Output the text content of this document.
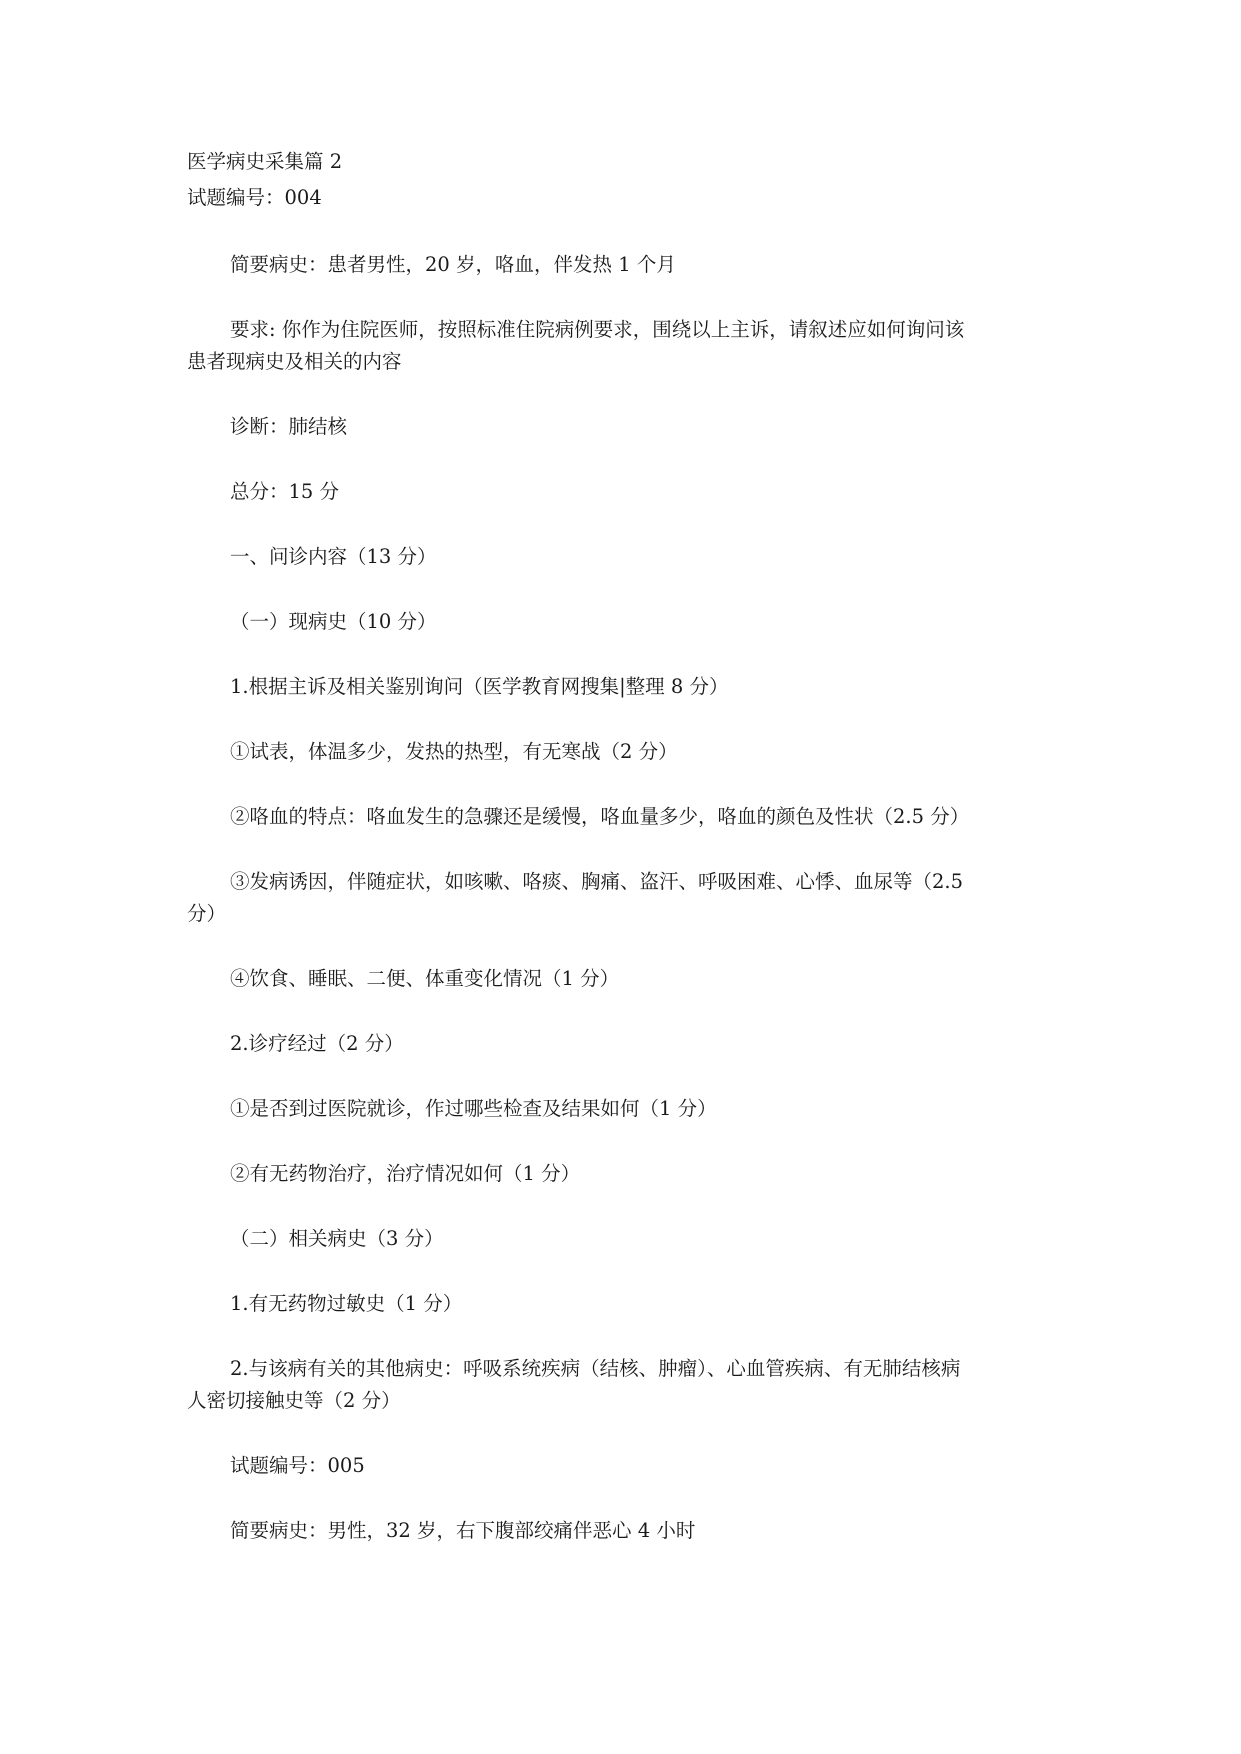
医学病史采集篇 2

试题编号：004

简要病史：患者男性，20 岁，咯血，伴发热 1 个月

要求: 你作为住院医师，按照标准住院病例要求，围绕以上主诉，请叙述应如何询问该

患者现病史及相关的内容

诊断：肺结核

总分：15 分

一、问诊内容（13 分）

（一）现病史（10 分）

1.根据主诉及相关鉴别询问（医学教育网搜集|整理 8 分）

①试表，体温多少，发热的热型，有无寒战（2 分）

②咯血的特点：咯血发生的急骤还是缓慢，咯血量多少，咯血的颜色及性状（2.5 分）

③发病诱因，伴随症状，如咳嗽、咯痰、胸痛、盗汗、呼吸困难、心悸、血尿等（2.5

分）

④饮食、睡眠、二便、体重变化情况（1 分）

2.诊疗经过（2 分）

①是否到过医院就诊，作过哪些检查及结果如何（1 分）

②有无药物治疗，治疗情况如何（1 分）

（二）相关病史（3 分）

1.有无药物过敏史（1 分）

2.与该病有关的其他病史：呼吸系统疾病（结核、肿瘤）、心血管疾病、有无肺结核病

人密切接触史等（2 分）

试题编号：005

简要病史：男性，32 岁，右下腹部绞痛伴恶心 4 小时
